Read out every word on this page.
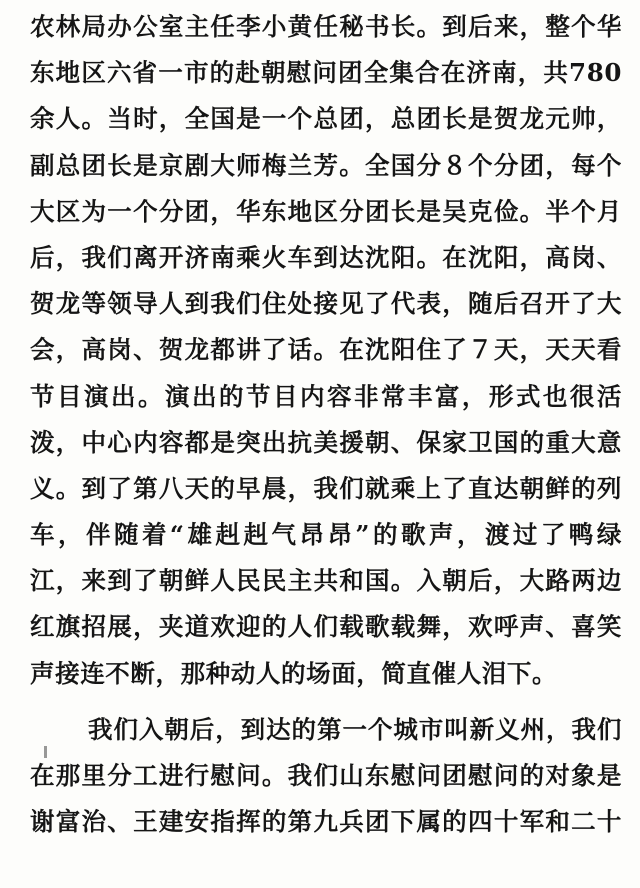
农林局办公室主任李小黄任秘书长。到后来，整个华
东地区六省一市的赴朝慰问团全集合在济南，共780
余人。当时，全国是一个总团，总团长是贺龙元帅，
副总团长是京剧大师梅兰芳。全国分８个分团，每个
大区为一个分团，华东地区分团长是吴克俭。半个月
后，我们离开济南乘火车到达沈阳。在沈阳，高岗、
贺龙等领导人到我们住处接见了代表，随后召开了大
会，高岗、贺龙都讲了话。在沈阳住了７天，天天看
节目演出。演出的节目内容非常丰富，形式也很活
泼，中心内容都是突出抗美援朝、保家卫国的重大意
义。到了第八天的早晨，我们就乘上了直达朝鲜的列
车，伴随着“雄赳赳气昂昂”的歌声，渡过了鸭绿
江，来到了朝鲜人民民主共和国。入朝后，大路两边
红旗招展，夹道欢迎的人们载歌载舞，欢呼声、喜笑
声接连不断，那种动人的场面，简直催人泪下。
我们入朝后，到达的第一个城市叫新义州，我们
在那里分工进行慰问。我们山东慰问团慰问的对象是
谢富治、王建安指挥的第九兵团下属的四十军和二十
